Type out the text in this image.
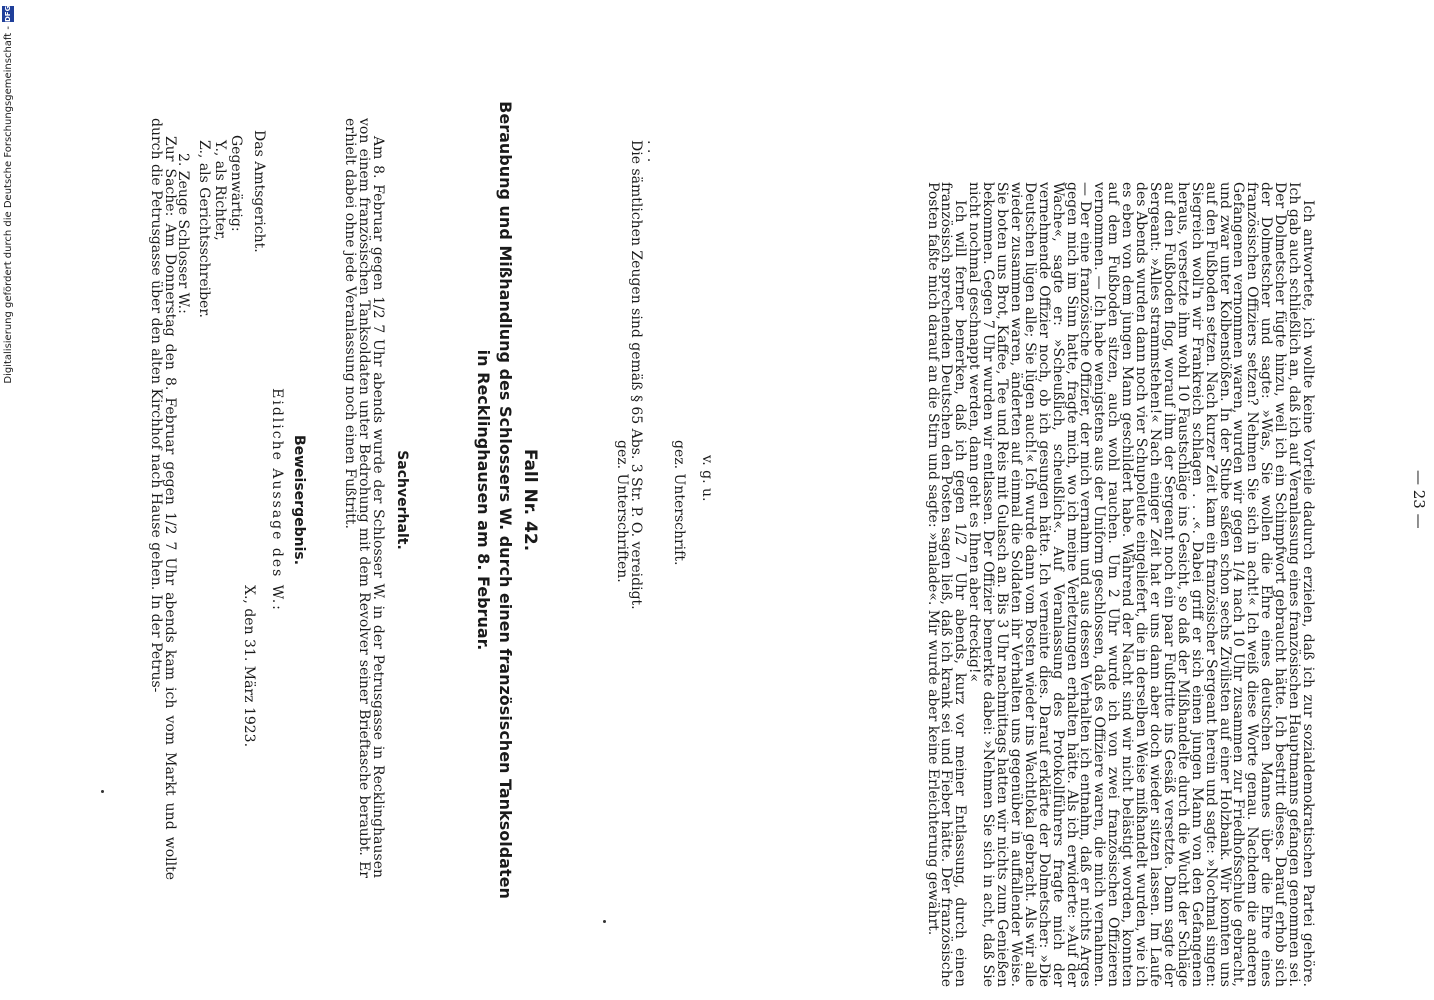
— 23 —

Ich antwortete, ich wollte keine Vorteile dadurch erzielen, daß ich zur sozialdemokratischen Partei gehöre. Ich gab auch schließlich an, daß ich auf Veranlassung eines französischen Hauptmanns gefangen genommen sei. Der Dolmetscher fügte hinzu, weil ich ein Schimpfwort gebraucht hätte. Ich bestritt dieses. Darauf erhob sich der Dolmetscher und sagte: »Was, Sie wollen die Ehre eines deutschen Mannes über die Ehre eines französischen Offiziers setzen? Nehmen Sie sich in acht!« Ich weiß diese Worte genau. Nachdem die anderen Gefangenen vernommen waren, wurden wir gegen 1/4 nach 10 Uhr zusammen zur Friedhofsschule gebracht, und zwar unter Kolbenstößen. In der Stube saßen schon sechs Zivilisten auf einer Holzbank. Wir konnten uns auf den Fußboden setzen. Nach kurzer Zeit kam ein französischer Sergeant herein und sagte: »Nochmal singen: Siegreich woll'n wir Frankreich schlagen . . .«. Dabei griff er sich einen jungen Mann von den Gefangenen heraus, versetzte ihm wohl 10 Faustschläge ins Gesicht, so daß der Mißhandelte durch die Wucht der Schläge auf den Fußboden flog, worauf ihm der Sergeant noch ein paar Fußtritte ins Gesäß versetzte. Dann sagte der Sergeant: »Alles strammstehen!« Nach einiger Zeit hat er uns dann aber doch wieder sitzen lassen. Im Laufe des Abends wurden dann noch vier Schupoleute eingeliefert, die in derselben Weise mißhandelt wurden, wie ich es eben von dem jungen Mann geschildert habe. Während der Nacht sind wir nicht belästigt worden, konnten auf dem Fußboden sitzen, auch wohl rauchen. Um 2 Uhr wurde ich von zwei französischen Offizieren vernommen. — Ich habe wenigstens aus der Uniform geschlossen, daß es Offiziere waren, die mich vernahmen. — Der eine französische Offizier, der mich vernahm und aus dessen Verhalten ich entnahm, daß er nichts Arges gegen mich im Sinn hatte, fragte mich, wo ich meine Verletzungen erhalten hätte. Als ich erwiderte: »Auf der Wache«, sagte er: »Scheußlich, scheußlich«. Auf Veranlassung des Protokollführers fragte mich der vernehmende Offizier noch, ob ich gesungen hätte. Ich verneinte dies. Darauf erklärte der Dolmetscher: »Die Deutschen lügen alle; Sie lügen auch!« Ich wurde dann vom Posten wieder ins Wachtlokal gebracht. Als wir alle wieder zusammen waren, änderten auf einmal die Soldaten ihr Verhalten uns gegenüber in auffallender Weise. Sie boten uns Brot, Kaffee, Tee und Reis mit Gulasch an. Bis 3 Uhr nachmittags hatten wir nichts zum Genießen bekommen. Gegen 7 Uhr wurden wir entlassen. Der Offizier bemerkte dabei: »Nehmen Sie sich in acht, daß Sie nicht nochmal geschnappt werden, dann geht es Ihnen aber dreckig!«

Ich will ferner bemerken, daß ich gegen 1/2 7 Uhr abends, kurz vor meiner Entlassung, durch einen französisch sprechenden Deutschen den Posten sagen ließ, daß ich krank sei und Fieber hätte. Der französische Posten faßte mich darauf an die Stirn und sagte: »malade«. Mir wurde aber keine Erleichterung gewährt.

v. g. u.
gez. Unterschrift.
. . .
Die sämtlichen Zeugen sind gemäß § 65 Abs. 3 Str. P. O. vereidigt.
gez. Unterschriften.
Fall Nr. 42.
Beraubung und Mißhandlung des Schlossers W. durch einen französischen Tanksoldaten
in Recklinghausen am 8. Februar.
Sachverhalt.

Am 8. Februar gegen 1/2 7 Uhr abends wurde der Schlosser W. in der Petrusgasse in Recklinghausen von einem französischen Tanksoldaten unter Bedrohung mit dem Revolver seiner Brieftasche beraubt. Er erhielt dabei ohne jede Veranlassung noch einen Fußtritt.

Beweisergebnis.
Eidliche Aussage des W.:
X., den 31. März 1923.
Das Amtsgericht.
Gegenwärtig:
Y., als Richter,
Z., als Gerichtsschreiber.
2. Zeuge Schlosser W.:

Zur Sache: Am Donnerstag den 8. Februar gegen 1/2 7 Uhr abends kam ich vom Markt und wollte durch die Petrusgasse über den alten Kirchhof nach Hause gehen. In der Petrus-

Digitalisierung gefördert durch die Deutsche Forschungsgemeinschaft -
DFG
